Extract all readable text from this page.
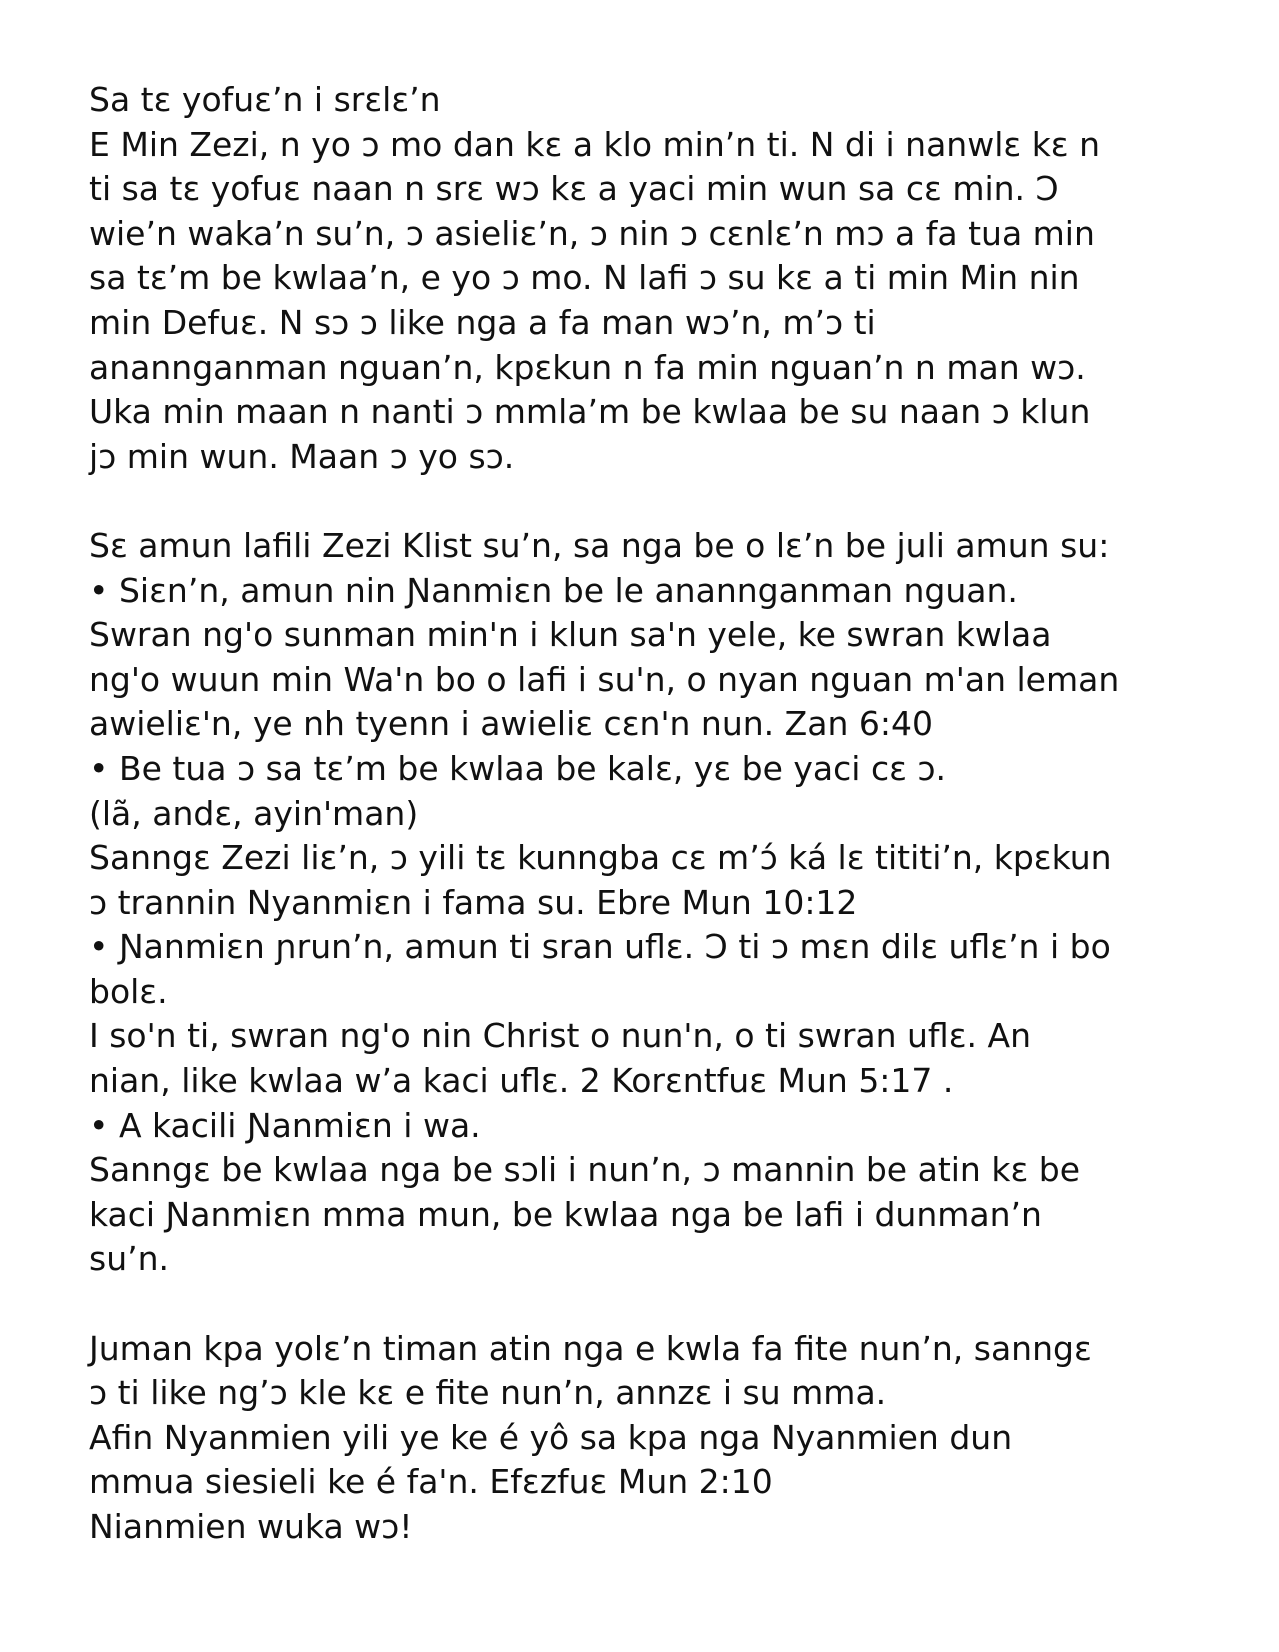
Sa tɛ yofuɛ’n i srɛlɛ’n
E Min Zezi, n yo ɔ mo dan kɛ a klo min’n ti. N di i nanwlɛ kɛ n
ti sa tɛ yofuɛ naan n srɛ wɔ kɛ a yaci min wun sa cɛ min. Ɔ
wie’n waka’n su’n, ɔ asieliɛ’n, ɔ nin ɔ cɛnlɛ’n mɔ a fa tua min
sa tɛ’m be kwlaa’n, e yo ɔ mo. N lafi ɔ su kɛ a ti min Min nin
min Defuɛ. N sɔ ɔ like nga a fa man wɔ’n, m’ɔ ti
anannganman nguan’n, kpɛkun n fa min nguan’n n man wɔ.
Uka min maan n nanti ɔ mmla’m be kwlaa be su naan ɔ klun
jɔ min wun. Maan ɔ yo sɔ.
Sɛ amun lafili Zezi Klist su’n, sa nga be o lɛ’n be juli amun su:
• Siɛn’n, amun nin Ɲanmiɛn be le anannganman nguan.
Swran ng'o sunman min'n i klun sa'n yele, ke swran kwlaa
ng'o wuun min Wa'n bo o lafi i su'n, o nyan nguan m'an leman
awieliɛ'n, ye nh tyenn i awieliɛ cɛn'n nun. Zan 6:40
• Be tua ɔ sa tɛ’m be kwlaa be kalɛ, yɛ be yaci cɛ ɔ.
(lã, andɛ, ayin'man)
Sanngɛ Zezi liɛ’n, ɔ yili tɛ kunngba cɛ m’ɔ́ ká lɛ tititi’n, kpɛkun
ɔ trannin Nyanmiɛn i fama su. Ebre Mun 10:12
• Ɲanmiɛn ɲrun’n, amun ti sran uflɛ. Ɔ ti ɔ mɛn dilɛ uflɛ’n i bo
bolɛ.
I so'n ti, swran ng'o nin Christ o nun'n, o ti swran uflɛ. An
nian, like kwlaa w’a kaci uflɛ. 2 Korɛntfuɛ Mun 5:17 .
• A kacili Ɲanmiɛn i wa.
Sanngɛ be kwlaa nga be sɔli i nun’n, ɔ mannin be atin kɛ be
kaci Ɲanmiɛn mma mun, be kwlaa nga be lafi i dunman’n
su’n.
Juman kpa yolɛ’n timan atin nga e kwla fa fite nun’n, sanngɛ
ɔ ti like ng’ɔ kle kɛ e fite nun’n, annzɛ i su mma.
Afin Nyanmien yili ye ke é yô sa kpa nga Nyanmien dun
mmua siesieli ke é fa'n. Efɛzfuɛ Mun 2:10
Nianmien wuka wɔ!
